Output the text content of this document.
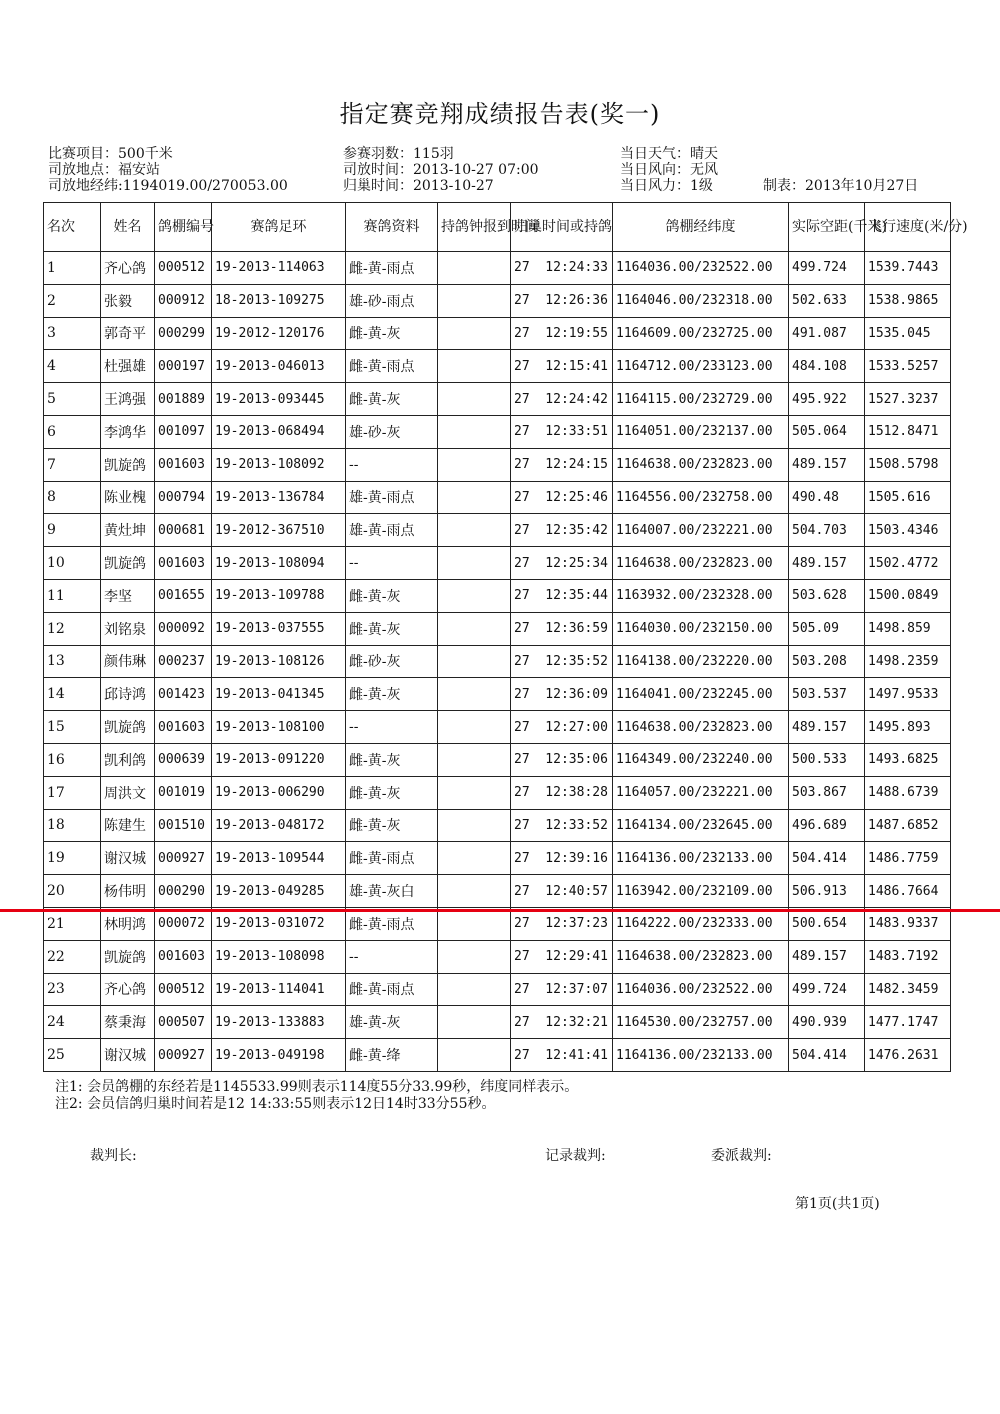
指定赛竞翔成绩报告表(奖一)
比赛项目：500千米	参赛羽数：115羽	当日天气：晴天
司放地点：福安站	司放时间：2013-10-27 07:00	当日风向：无风
司放地经纬:1194019.00/270053.00	归巢时间：2013-10-27	当日风力：1级	制表：2013年10月27日
名次	姓名	鸽棚编号	赛鸽足环	赛鸽资料	持鸽钟报到时间	归巢时间或持鸽	鸽棚经纬度	实际空距(千米)	飞行速度(米/分)
1	齐心鸽	000512	19-2013-114063	雌-黄-雨点		27  12:24:33	1164036.00/232522.00	499.724	1539.7443
2	张毅	000912	18-2013-109275	雄-砂-雨点		27  12:26:36	1164046.00/232318.00	502.633	1538.9865
3	郭奇平	000299	19-2012-120176	雌-黄-灰		27  12:19:55	1164609.00/232725.00	491.087	1535.045
4	杜强雄	000197	19-2013-046013	雌-黄-雨点		27  12:15:41	1164712.00/233123.00	484.108	1533.5257
5	王鸿强	001889	19-2013-093445	雌-黄-灰		27  12:24:42	1164115.00/232729.00	495.922	1527.3237
6	李鸿华	001097	19-2013-068494	雄-砂-灰		27  12:33:51	1164051.00/232137.00	505.064	1512.8471
7	凯旋鸽	001603	19-2013-108092	--		27  12:24:15	1164638.00/232823.00	489.157	1508.5798
8	陈业槐	000794	19-2013-136784	雄-黄-雨点		27  12:25:46	1164556.00/232758.00	490.48	1505.616
9	黄灶坤	000681	19-2012-367510	雄-黄-雨点		27  12:35:42	1164007.00/232221.00	504.703	1503.4346
10	凯旋鸽	001603	19-2013-108094	--		27  12:25:34	1164638.00/232823.00	489.157	1502.4772
11	李坚	001655	19-2013-109788	雌-黄-灰		27  12:35:44	1163932.00/232328.00	503.628	1500.0849
12	刘铭泉	000092	19-2013-037555	雌-黄-灰		27  12:36:59	1164030.00/232150.00	505.09	1498.859
13	颜伟琳	000237	19-2013-108126	雌-砂-灰		27  12:35:52	1164138.00/232220.00	503.208	1498.2359
14	邱诗鸿	001423	19-2013-041345	雌-黄-灰		27  12:36:09	1164041.00/232245.00	503.537	1497.9533
15	凯旋鸽	001603	19-2013-108100	--		27  12:27:00	1164638.00/232823.00	489.157	1495.893
16	凯利鸽	000639	19-2013-091220	雌-黄-灰		27  12:35:06	1164349.00/232240.00	500.533	1493.6825
17	周洪文	001019	19-2013-006290	雌-黄-灰		27  12:38:28	1164057.00/232221.00	503.867	1488.6739
18	陈建生	001510	19-2013-048172	雌-黄-灰		27  12:33:52	1164134.00/232645.00	496.689	1487.6852
19	谢汉城	000927	19-2013-109544	雌-黄-雨点		27  12:39:16	1164136.00/232133.00	504.414	1486.7759
20	杨伟明	000290	19-2013-049285	雄-黄-灰白		27  12:40:57	1163942.00/232109.00	506.913	1486.7664
21	林明鸿	000072	19-2013-031072	雌-黄-雨点		27  12:37:23	1164222.00/232333.00	500.654	1483.9337
22	凯旋鸽	001603	19-2013-108098	--		27  12:29:41	1164638.00/232823.00	489.157	1483.7192
23	齐心鸽	000512	19-2013-114041	雌-黄-雨点		27  12:37:07	1164036.00/232522.00	499.724	1482.3459
24	蔡秉海	000507	19-2013-133883	雄-黄-灰		27  12:32:21	1164530.00/232757.00	490.939	1477.1747
25	谢汉城	000927	19-2013-049198	雌-黄-绛		27  12:41:41	1164136.00/232133.00	504.414	1476.2631
注1: 会员鸽棚的东经若是1145533.99则表示114度55分33.99秒，纬度同样表示。
注2: 会员信鸽归巢时间若是12 14:33:55则表示12日14时33分55秒。
裁判长:	记录裁判:	委派裁判:
第1页(共1页)
